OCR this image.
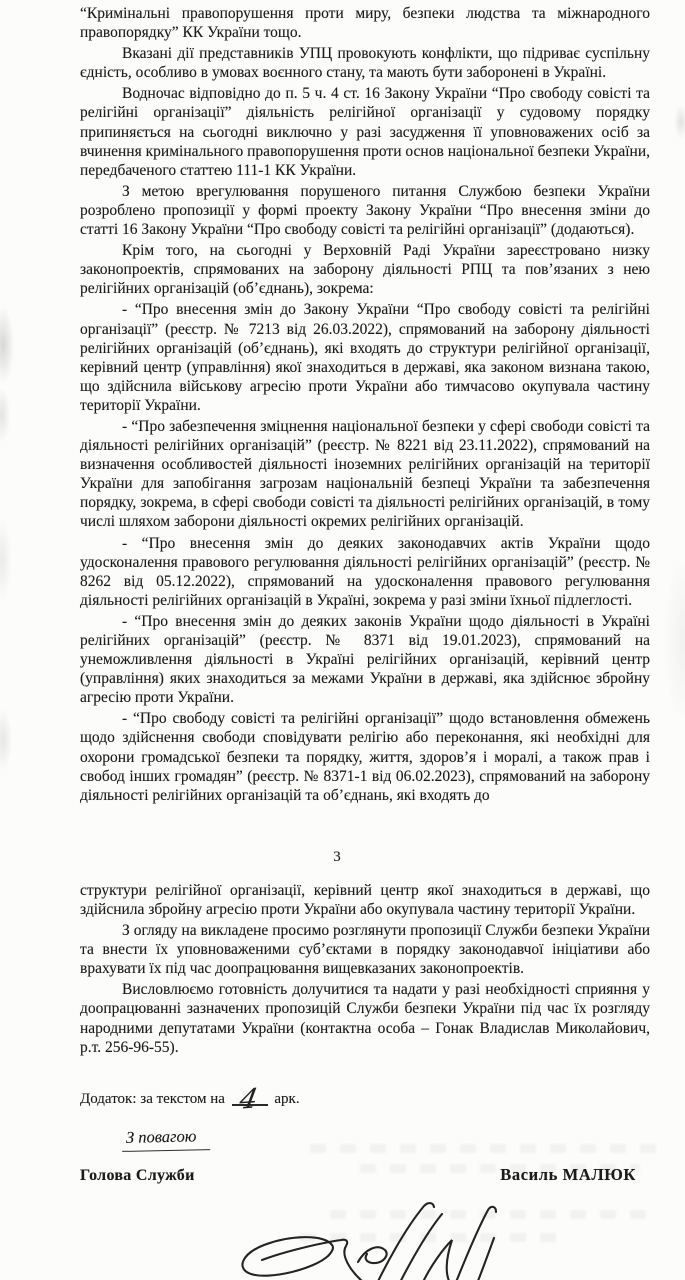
“Кримінальні правопорушення проти миру, безпеки людства та міжнародного правопорядку” КК України тощо.

Вказані дії представників УПЦ провокують конфлікти, що підриває суспільну єдність, особливо в умовах воєнного стану, та мають бути заборонені в Україні.

Водночас відповідно до п. 5 ч. 4 ст. 16 Закону України “Про свободу совісті та релігійні організації” діяльність релігійної організації у судовому порядку припиняється на сьогодні виключно у разі засудження її уповноважених осіб за вчинення кримінального правопорушення проти основ національної безпеки України, передбаченого статтею 111-1 КК України.

З метою врегулювання порушеного питання Службою безпеки України розроблено пропозиції у формі проекту Закону України “Про внесення зміни до статті 16 Закону України “Про свободу совісті та релігійні організації” (додаються).

Крім того, на сьогодні у Верховній Раді України зареєстровано низку законопроектів, спрямованих на заборону діяльності РПЦ та пов’язаних з нею релігійних організацій (об’єднань), зокрема:

- “Про внесення змін до Закону України “Про свободу совісті та релігійні організації” (реєстр. № 7213 від 26.03.2022), спрямований на заборону діяльності релігійних організацій (об’єднань), які входять до структури релігійної організації, керівний центр (управління) якої знаходиться в державі, яка законом визнана такою, що здійснила військову агресію проти України або тимчасово окупувала частину території України.

- “Про забезпечення зміцнення національної безпеки у сфері свободи совісті та діяльності релігійних організацій” (реєстр. № 8221 від 23.11.2022), спрямований на визначення особливостей діяльності іноземних релігійних організацій на території України для запобігання загрозам національній безпеці України та забезпечення порядку, зокрема, в сфері свободи совісті та діяльності релігійних організацій, в тому числі шляхом заборони діяльності окремих релігійних організацій.

- “Про внесення змін до деяких законодавчих актів України щодо удосконалення правового регулювання діяльності релігійних організацій” (реєстр. № 8262 від 05.12.2022), спрямований на удосконалення правового регулювання діяльності релігійних організацій в Україні, зокрема у разі зміни їхньої підлеглості.

- “Про внесення змін до деяких законів України щодо діяльності в Україні релігійних організацій” (реєстр. № 8371 від 19.01.2023), спрямований на унеможливлення діяльності в Україні релігійних організацій, керівний центр (управління) яких знаходиться за межами України в державі, яка здійснює збройну агресію проти України.

- “Про свободу совісті та релігійні організації” щодо встановлення обмежень щодо здійснення свободи сповідувати релігію або переконання, які необхідні для охорони громадської безпеки та порядку, життя, здоров’я і моралі, а також прав і свобод інших громадян” (реєстр. № 8371-1 від 06.02.2023), спрямований на заборону діяльності релігійних організацій та об’єднань, які входять до

3

структури релігійної організації, керівний центр якої знаходиться в державі, що здійснила збройну агресію проти України або окупувала частину території України.

З огляду на викладене просимо розглянути пропозиції Служби безпеки України та внести їх уповноваженими суб’єктами в порядку законодавчої ініціативи або врахувати їх під час доопрацювання вищевказаних законопроектів.

Висловлюємо готовність долучитися та надати у разі необхідності сприяння у доопрацюванні зазначених пропозицій Служби безпеки України під час їх розгляду народними депутатами України (контактна особа – Гонак Владислав Миколайович, р.т. 256-96-55).

Додаток: за текстом на 4 арк.
З повагою
Голова Служби	Василь МАЛЮК
